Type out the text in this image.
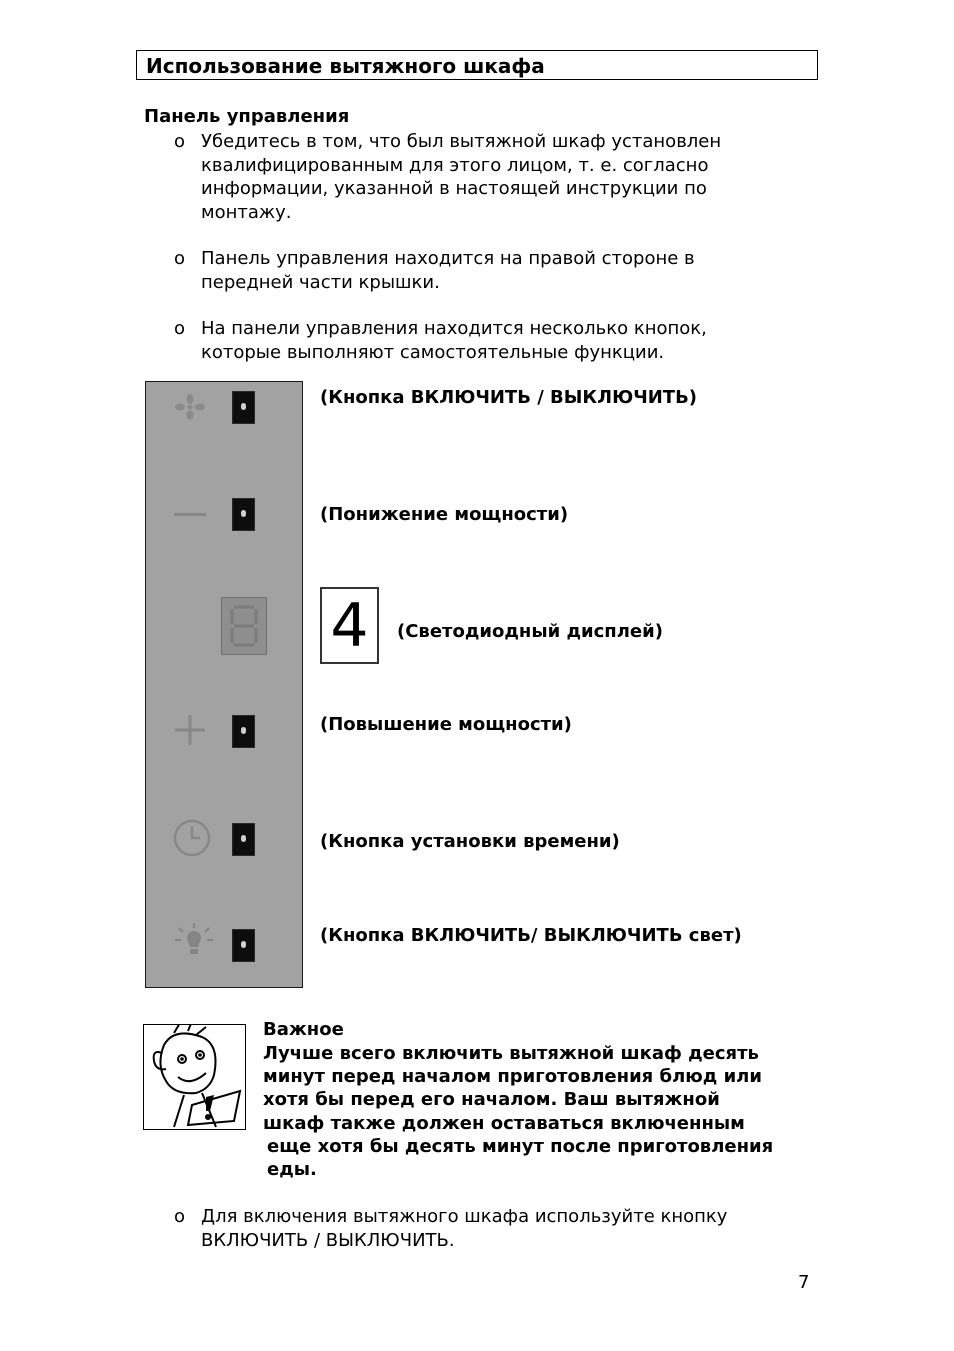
Использование вытяжного шкафа
Панель управления
o Убедитесь в том, что был вытяжной шкаф установлен
квалифицированным для этого лицом, т. е. согласно
информации, указанной в настоящей инструкции по
монтажу.
o Панель управления находится на правой стороне в
передней части крышки.
o На панели управления находится несколько кнопок,
которые выполняют самостоятельные функции.
(Кнопка ВКЛЮЧИТЬ / ВЫКЛЮЧИТЬ)
(Понижение мощности)
4	(Светодиодный дисплей)
(Повышение мощности)
(Кнопка установки времени)
(Кнопка ВКЛЮЧИТЬ/ ВЫКЛЮЧИТЬ свет)
Важное
Лучше всего включить вытяжной шкаф десять
минут перед началом приготовления блюд или
хотя бы перед его началом. Ваш вытяжной
шкаф также должен оставаться включенным
еще хотя бы десять минут после приготовления
еды.
o Для включения вытяжного шкафа используйте кнопку
ВКЛЮЧИТЬ / ВЫКЛЮЧИТЬ.
7
